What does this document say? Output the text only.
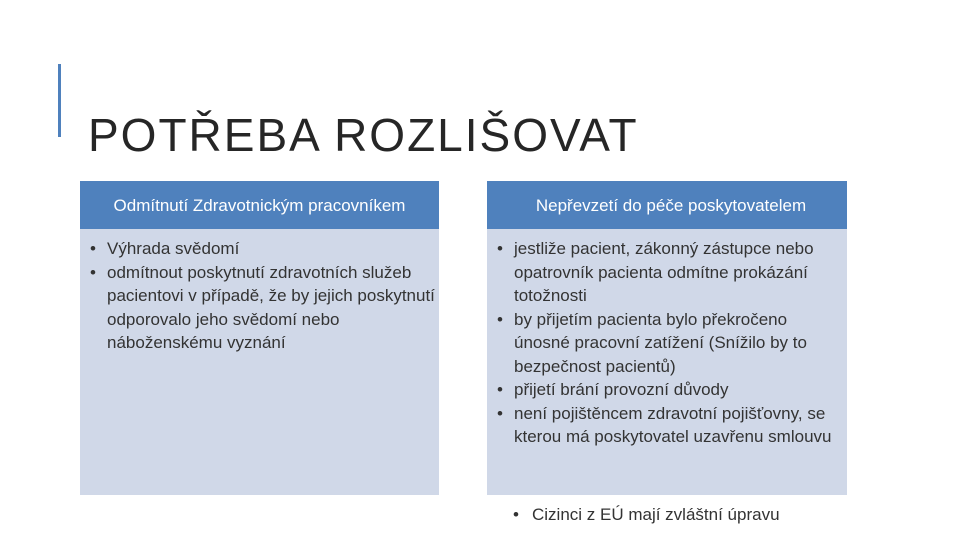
POTŘEBA ROZLIŠOVAT
Odmítnutí Zdravotnickým pracovníkem
• Výhrada svědomí
• odmítnout poskytnutí zdravotních služeb pacientovi v případě, že by jejich poskytnutí odporovalo jeho svědomí nebo náboženskému vyznání
Nepřevzetí do péče poskytovatelem
• jestliže pacient, zákonný zástupce nebo opatrovník pacienta odmítne prokázání totožnosti
• by přijetím pacienta bylo překročeno únosné pracovní zatížení (Snížilo by to bezpečnost pacientů)
• přijetí brání provozní důvody
• není pojištěncem zdravotní pojišťovny, se kterou má poskytovatel uzavřenu smlouvu
• Cizinci z EÚ mají zvláštní úpravu
